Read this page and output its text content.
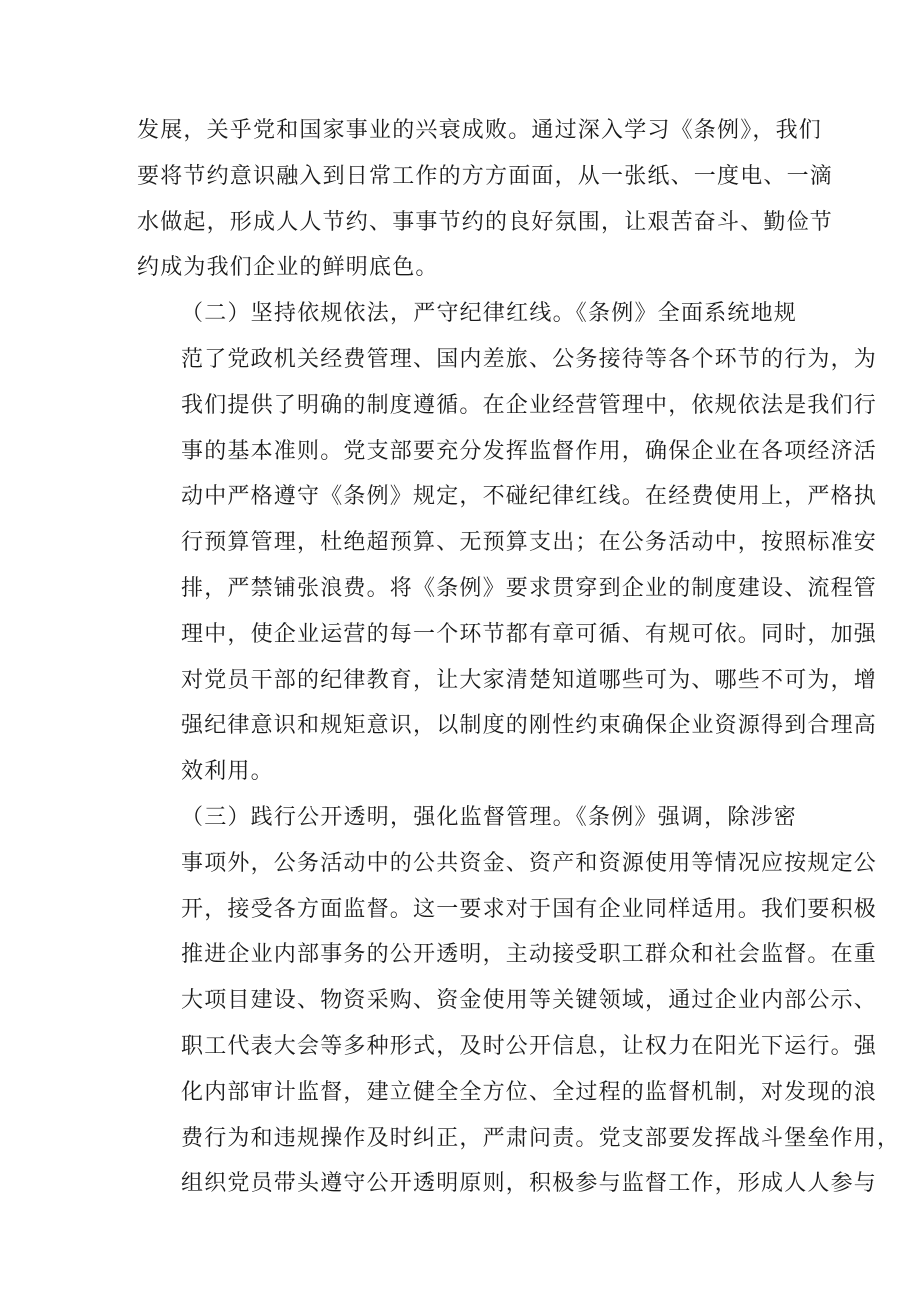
发展，关乎党和国家事业的兴衰成败。通过深入学习《条例》，我们
要将节约意识融入到日常工作的方方面面，从一张纸、一度电、一滴
水做起，形成人人节约、事事节约的良好氛围，让艰苦奋斗、勤俭节
约成为我们企业的鲜明底色。

（二）坚持依规依法，严守纪律红线。《条例》全面系统地规
范了党政机关经费管理、国内差旅、公务接待等各个环节的行为，为
我们提供了明确的制度遵循。在企业经营管理中，依规依法是我们行
事的基本准则。党支部要充分发挥监督作用，确保企业在各项经济活
动中严格遵守《条例》规定，不碰纪律红线。在经费使用上，严格执
行预算管理，杜绝超预算、无预算支出；在公务活动中，按照标准安
排，严禁铺张浪费。将《条例》要求贯穿到企业的制度建设、流程管
理中，使企业运营的每一个环节都有章可循、有规可依。同时，加强
对党员干部的纪律教育，让大家清楚知道哪些可为、哪些不可为，增
强纪律意识和规矩意识，以制度的刚性约束确保企业资源得到合理高
效利用。

（三）践行公开透明，强化监督管理。《条例》强调，除涉密
事项外，公务活动中的公共资金、资产和资源使用等情况应按规定公
开，接受各方面监督。这一要求对于国有企业同样适用。我们要积极
推进企业内部事务的公开透明，主动接受职工群众和社会监督。在重
大项目建设、物资采购、资金使用等关键领域，通过企业内部公示、
职工代表大会等多种形式，及时公开信息，让权力在阳光下运行。强
化内部审计监督，建立健全全方位、全过程的监督机制，对发现的浪
费行为和违规操作及时纠正，严肃问责。党支部要发挥战斗堡垒作用，
组织党员带头遵守公开透明原则，积极参与监督工作，形成人人参与
